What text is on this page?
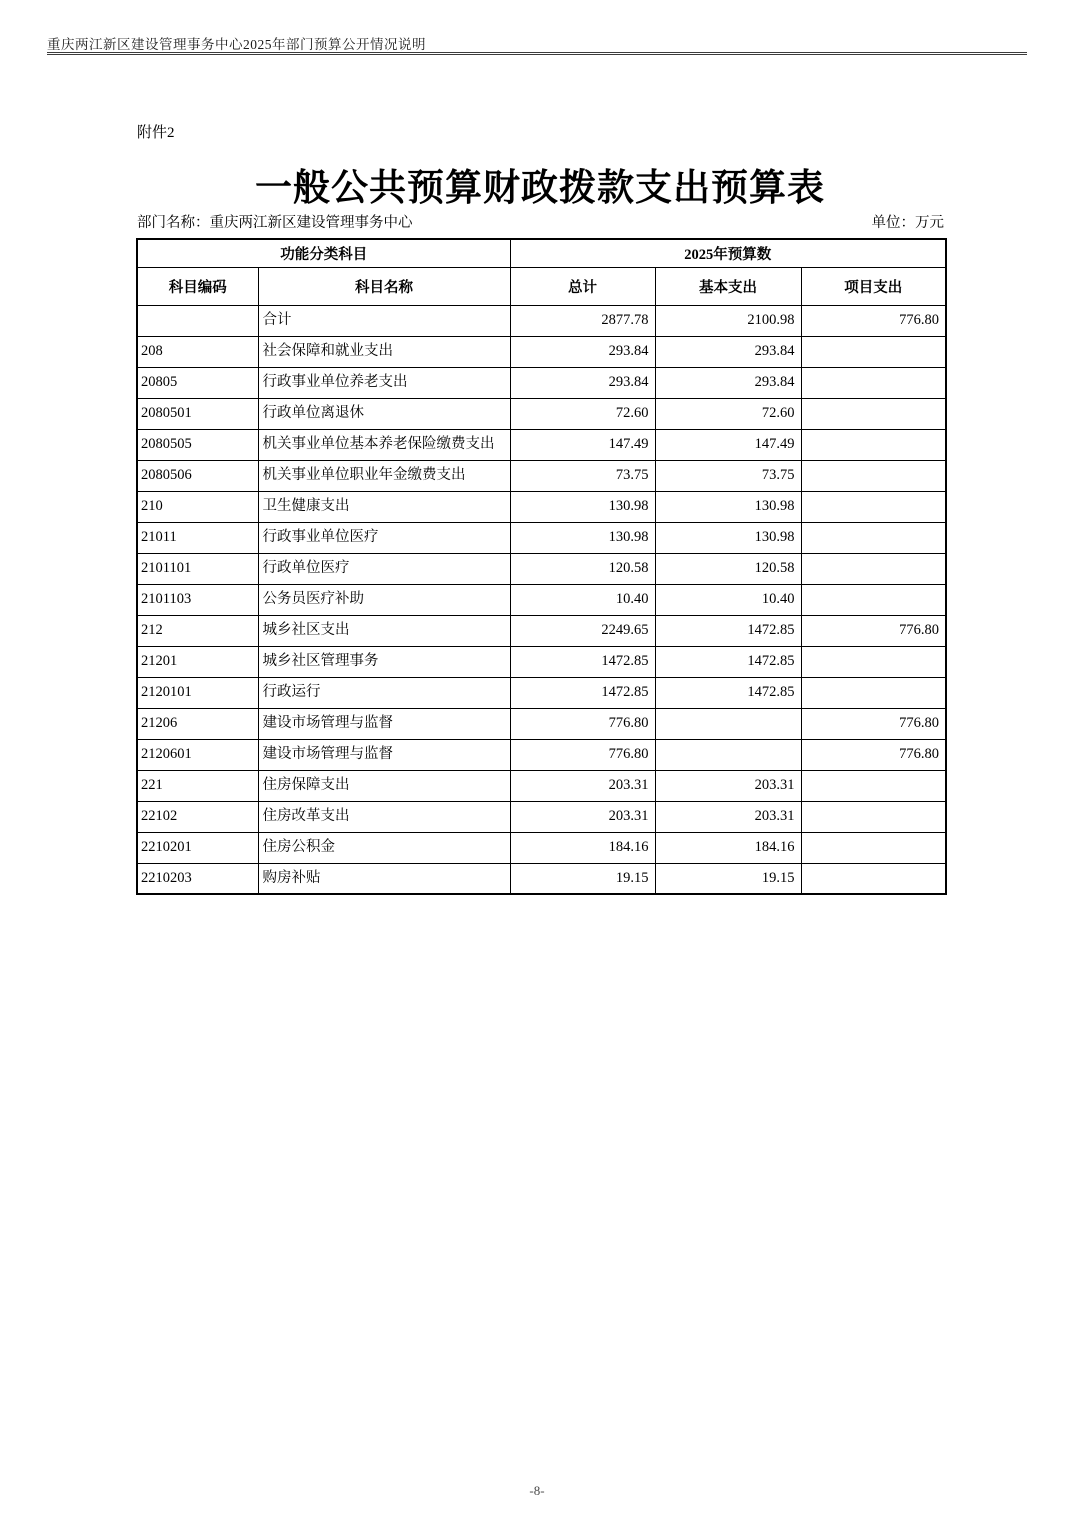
重庆两江新区建设管理事务中心2025年部门预算公开情况说明
附件2
一般公共预算财政拨款支出预算表
部门名称：重庆两江新区建设管理事务中心	单位：万元
功能分类科目		2025年预算数		
科目编码	科目名称	总计	基本支出	项目支出
	合计	2877.78	2100.98	776.80
208	社会保障和就业支出	293.84	293.84	
20805	行政事业单位养老支出	293.84	293.84	
2080501	行政单位离退休	72.60	72.60	
2080505	机关事业单位基本养老保险缴费支出	147.49	147.49	
2080506	机关事业单位职业年金缴费支出	73.75	73.75	
210	卫生健康支出	130.98	130.98	
21011	行政事业单位医疗	130.98	130.98	
2101101	行政单位医疗	120.58	120.58	
2101103	公务员医疗补助	10.40	10.40	
212	城乡社区支出	2249.65	1472.85	776.80
21201	城乡社区管理事务	1472.85	1472.85	
2120101	行政运行	1472.85	1472.85	
21206	建设市场管理与监督	776.80		776.80
2120601	建设市场管理与监督	776.80		776.80
221	住房保障支出	203.31	203.31	
22102	住房改革支出	203.31	203.31	
2210201	住房公积金	184.16	184.16	
2210203	购房补贴	19.15	19.15	
-8-
